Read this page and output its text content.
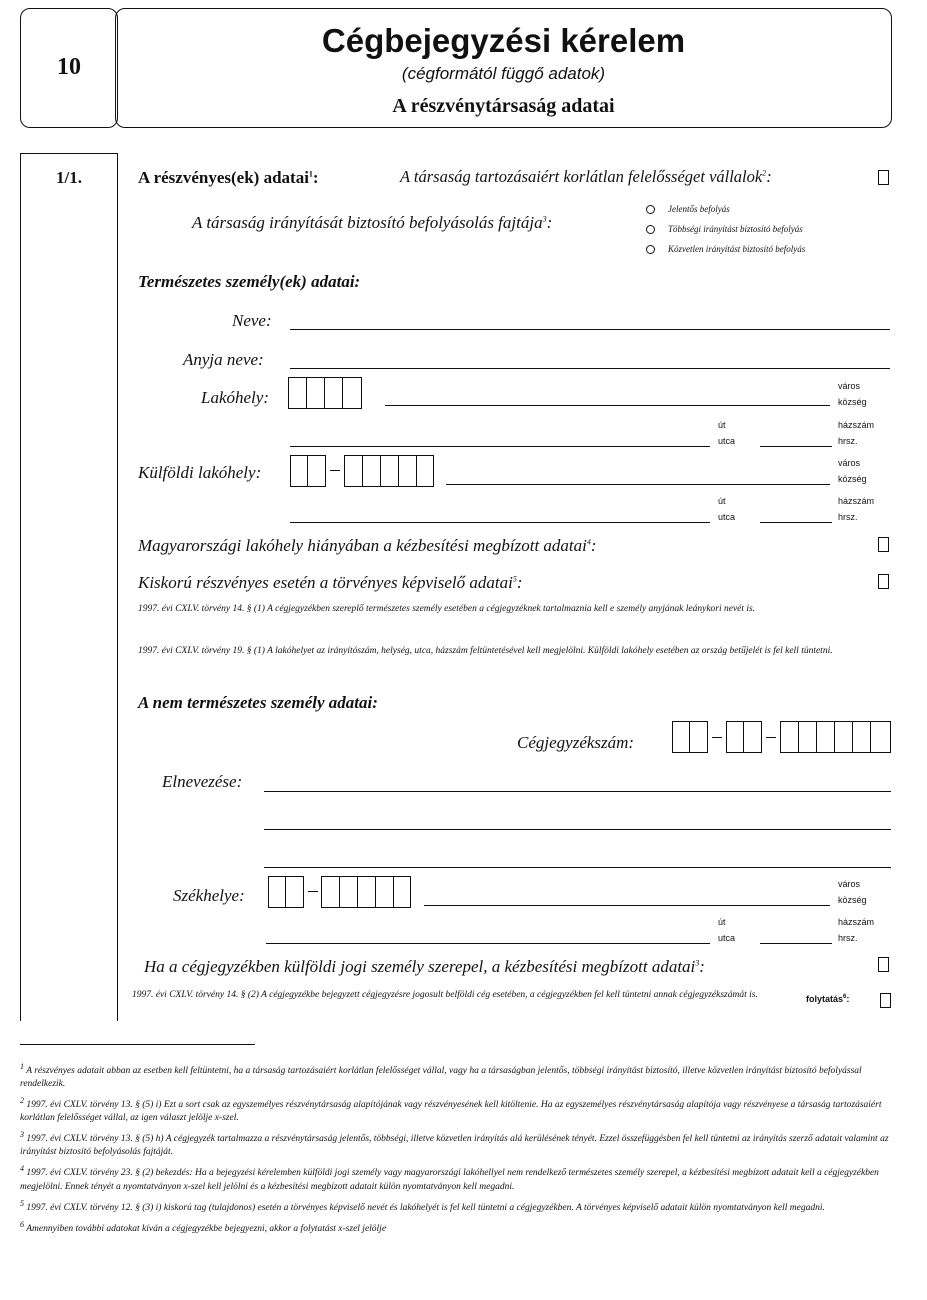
10
Cégbejegyzési kérelem
(cégformától függő adatok)
A részvénytársaság adatai
1/1.	A részvényes(ek) adatai$^1$:	A társaság tartozásaiért korlátlan felelősséget vállalok$^2$:
A társaság irányítását biztosító befolyásolás fajtája$^3$:
Jelentős befolyás
Többségi irányítást biztosító befolyás
Közvetlen irányítást biztosító befolyás
Természetes személy(ek) adatai:
Neve:
Anyja neve:
Lakóhely:
város
község
út
utca
házszám
hrsz.
Külföldi lakóhely:	város
község
út
utca
házszám
hrsz.
Magyarországi lakóhely hiányában a kézbesítési megbízott adatai$^4$:
Kiskorú részvényes esetén a törvényes képviselő adatai$^5$:
1997. évi CXLV. törvény 14. § (1) A cégjegyzékben szereplő természetes személy esetében a cégjegyzéknek tartalmaznia kell e személy anyjának leánykori nevét is.
1997. évi CXLV. törvény 19. § (1) A lakóhelyet az irányítószám, helység, utca, házszám feltüntetésével kell megjelölni. Külföldi lakóhely esetében az ország betűjelét is fel kell tüntetni.
A nem természetes személy adatai:
Cégjegyzékszám:
Elnevezése:
Székhelye:
város
község
út
utca
házszám
hrsz.
Ha a cégjegyzékben külföldi jogi személy szerepel, a kézbesítési megbízott adatai$^3$:
1997. évi CXLV. törvény 14. § (2) A cégjegyzékbe bejegyzett cégjegyzésre jogosult belföldi cég esetében, a cégjegyzékben fel kell tüntetni annak cégjegyzékszámát is.	folytatás$^6$:
$^1$ A részvényes adatait abban az esetben kell feltüntetni, ha a társaság tartozásaiért korlátlan felelősséget vállal, vagy ha a társaságban jelentős, többségi irányítást biztosító, illetve közvetlen irányítást biztosító befolyással rendelkezik.
$^2$ 1997. évi CXLV. törvény 13. § (5) i) Ezt a sort csak az egyszemélyes részvénytársaság alapítójának vagy részvényesének kell kitöltenie. Ha az egyszemélyes részvénytársaság alapítója vagy részvényese a társaság tartozásaiért korlátlan felelősséget vállal, az igen választ jelölje x-szel.
$^3$ 1997. évi CXLV. törvény 13. § (5) h) A cégjegyzék tartalmazza a részvénytársaság jelentős, többségi, illetve közvetlen irányítás alá kerülésének tényét. Ezzel összefüggésben fel kell tüntetni az irányítás szerző adatait valamint az irányítást biztosító befolyásolás fajtáját.
$^4$ 1997. évi CXLV. törvény 23. § (2) bekezdés: Ha a bejegyzési kérelemben külföldi jogi személy vagy magyarországi lakóhellyel nem rendelkező természetes személy szerepel, a kézbesítési megbízott adatait kell a cégjegyzékben megjelölni. Ennek tényét a nyomtatványon x-szel kell jelölni és a kézbesítési megbízott adatait külön nyomtatványon kell megadni.
$^5$ 1997. évi CXLV. törvény 12. § (3) i) kiskorú tag (tulajdonos) esetén a törvényes képviselő nevét és lakóhelyét is fel kell tüntetni a cégjegyzékben. A törvényes képviselő adatait külön nyomtatványon kell megadni.
$^6$ Amennyiben további adatokat kíván a cégjegyzékbe bejegyezni, akkor a folytatást x-szel jelölje
